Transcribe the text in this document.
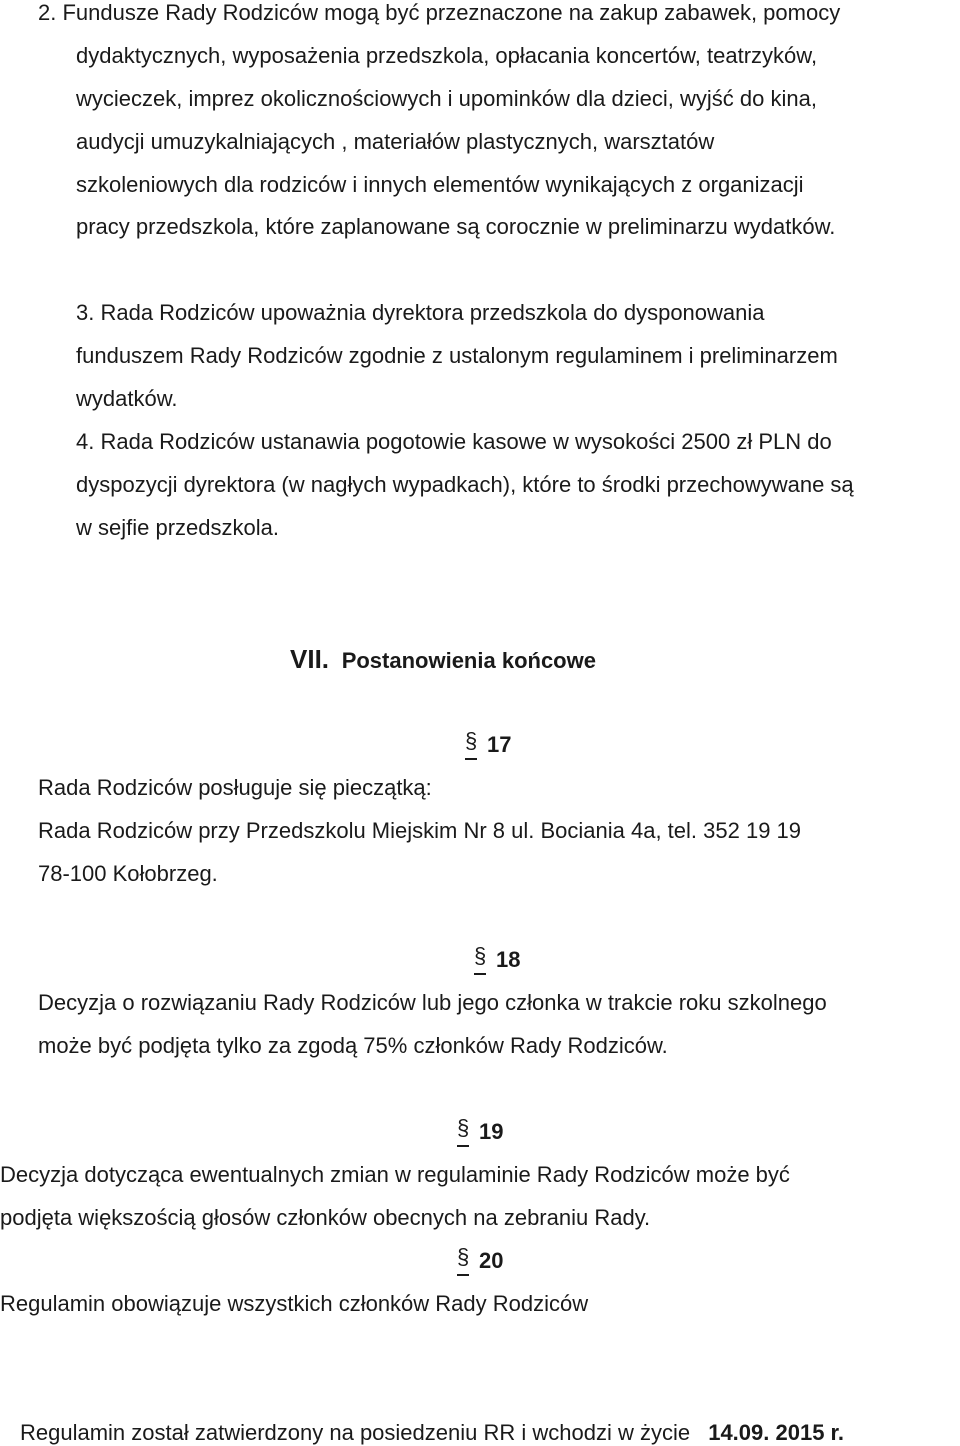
2. Fundusze Rady Rodziców mogą być przeznaczone na zakup zabawek, pomocy
dydaktycznych, wyposażenia przedszkola, opłacania koncertów, teatrzyków,
wycieczek, imprez okolicznościowych i upominków dla dzieci, wyjść do kina,
audycji umuzykalniających , materiałów plastycznych, warsztatów
szkoleniowych dla rodziców i innych elementów wynikających z organizacji
pracy przedszkola, które zaplanowane są corocznie w preliminarzu wydatków.
3. Rada Rodziców upoważnia dyrektora przedszkola do dysponowania
funduszem Rady Rodziców zgodnie z ustalonym regulaminem i preliminarzem
wydatków.
4. Rada Rodziców ustanawia pogotowie kasowe w wysokości 2500 zł PLN do
dyspozycji dyrektora (w nagłych wypadkach), które to środki przechowywane są
w sejfie przedszkola.
VII. Postanowienia końcowe
§ 17
Rada Rodziców posługuje się pieczątką:
Rada Rodziców przy Przedszkolu Miejskim Nr 8 ul. Bociania 4a, tel. 352 19 19
78-100 Kołobrzeg.
§ 18
Decyzja o rozwiązaniu Rady Rodziców lub jego członka w trakcie roku szkolnego
może być podjęta tylko za zgodą 75% członków Rady Rodziców.
§ 19
Decyzja dotycząca ewentualnych zmian w regulaminie Rady Rodziców może być
podjęta większością głosów członków obecnych na zebraniu Rady.
§ 20
Regulamin obowiązuje wszystkich członków Rady Rodziców
Regulamin został zatwierdzony na posiedzeniu RR i wchodzi w życie 14.09. 2015 r.
